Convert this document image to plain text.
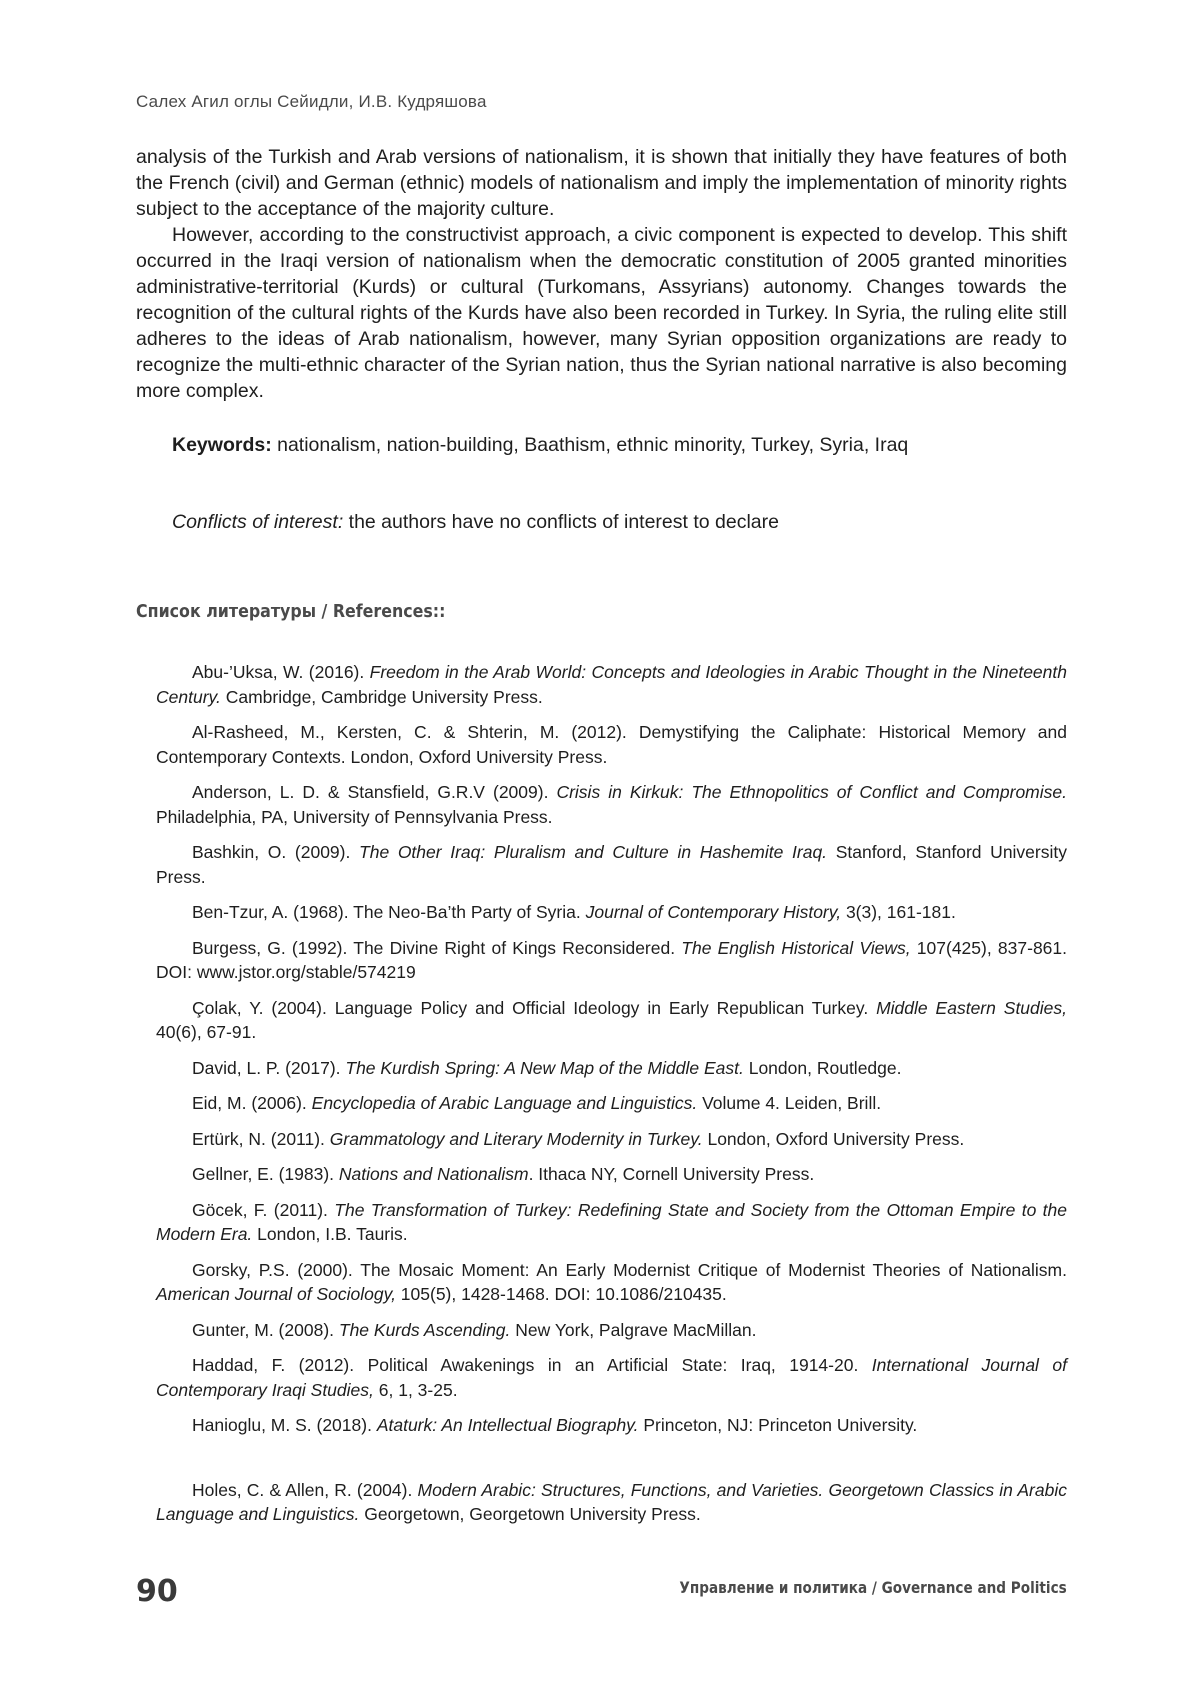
Салех Агил оглы Сейидли, И.В. Кудряшова

analysis of the Turkish and Arab versions of nationalism, it is shown that initially they have features of both the French (civil) and German (ethnic) models of nationalism and imply the implementation of minority rights subject to the acceptance of the majority culture.

However, according to the constructivist approach, a civic component is expected to develop. This shift occurred in the Iraqi version of nationalism when the democratic constitution of 2005 granted minorities administrative-territorial (Kurds) or cultural (Turkomans, Assyrians) autonomy. Changes towards the recognition of the cultural rights of the Kurds have also been recorded in Turkey. In Syria, the ruling elite still adheres to the ideas of Arab nationalism, however, many Syrian opposition organizations are ready to recognize the multi-ethnic character of the Syrian nation, thus the Syrian national narrative is also becoming more complex.

Keywords: nationalism, nation-building, Baathism, ethnic minority, Turkey, Syria, Iraq
Conflicts of interest: the authors have no conflicts of interest to declare
Список литературы / References::

Abu-’Uksa, W. (2016). Freedom in the Arab World: Concepts and Ideologies in Arabic Thought in the Nineteenth Century. Cambridge, Cambridge University Press.

Al-Rasheed, M., Kersten, C. & Shterin, M. (2012). Demystifying the Caliphate: Historical Memory and Contemporary Contexts. London, Oxford University Press.

Anderson, L. D. & Stansfield, G.R.V (2009). Crisis in Kirkuk: The Ethnopolitics of Conflict and Compromise. Philadelphia, PA, University of Pennsylvania Press.

Bashkin, O. (2009). The Other Iraq: Pluralism and Culture in Hashemite Iraq. Stanford, Stanford University Press.

Ben-Tzur, A. (1968). The Neo-Ba’th Party of Syria. Journal of Contemporary History, 3(3), 161-181.

Burgess, G. (1992). The Divine Right of Kings Reconsidered. The English Historical Views, 107(425), 837-861. DOI: www.jstor.org/stable/574219

Çolak, Y. (2004). Language Policy and Official Ideology in Early Republican Turkey. Middle Eastern Studies, 40(6), 67-91.

David, L. P. (2017). The Kurdish Spring: A New Map of the Middle East. London, Routledge.

Eid, M. (2006). Encyclopedia of Arabic Language and Linguistics. Volume 4. Leiden, Brill.

Ertürk, N. (2011). Grammatology and Literary Modernity in Turkey. London, Oxford University Press.

Gellner, E. (1983). Nations and Nationalism. Ithaca NY, Cornell University Press.

Göcek, F. (2011). The Transformation of Turkey: Redefining State and Society from the Ottoman Empire to the Modern Era. London, I.B. Tauris.

Gorsky, P.S. (2000). The Mosaic Moment: An Early Modernist Critique of Modernist Theories of Nationalism. American Journal of Sociology, 105(5), 1428-1468. DOI: 10.1086/210435.

Gunter, M. (2008). The Kurds Ascending. New York, Palgrave MacMillan.

Haddad, F. (2012). Political Awakenings in an Artificial State: Iraq, 1914-20. International Journal of Contemporary Iraqi Studies, 6, 1, 3-25.

Hanioglu, M. S. (2018). Ataturk: An Intellectual Biography. Princeton, NJ: Princeton University.

Holes, C. & Allen, R. (2004). Modern Arabic: Structures, Functions, and Varieties. Georgetown Classics in Arabic Language and Linguistics. Georgetown, Georgetown University Press.

90	Управление и политика / Governance and Politics
